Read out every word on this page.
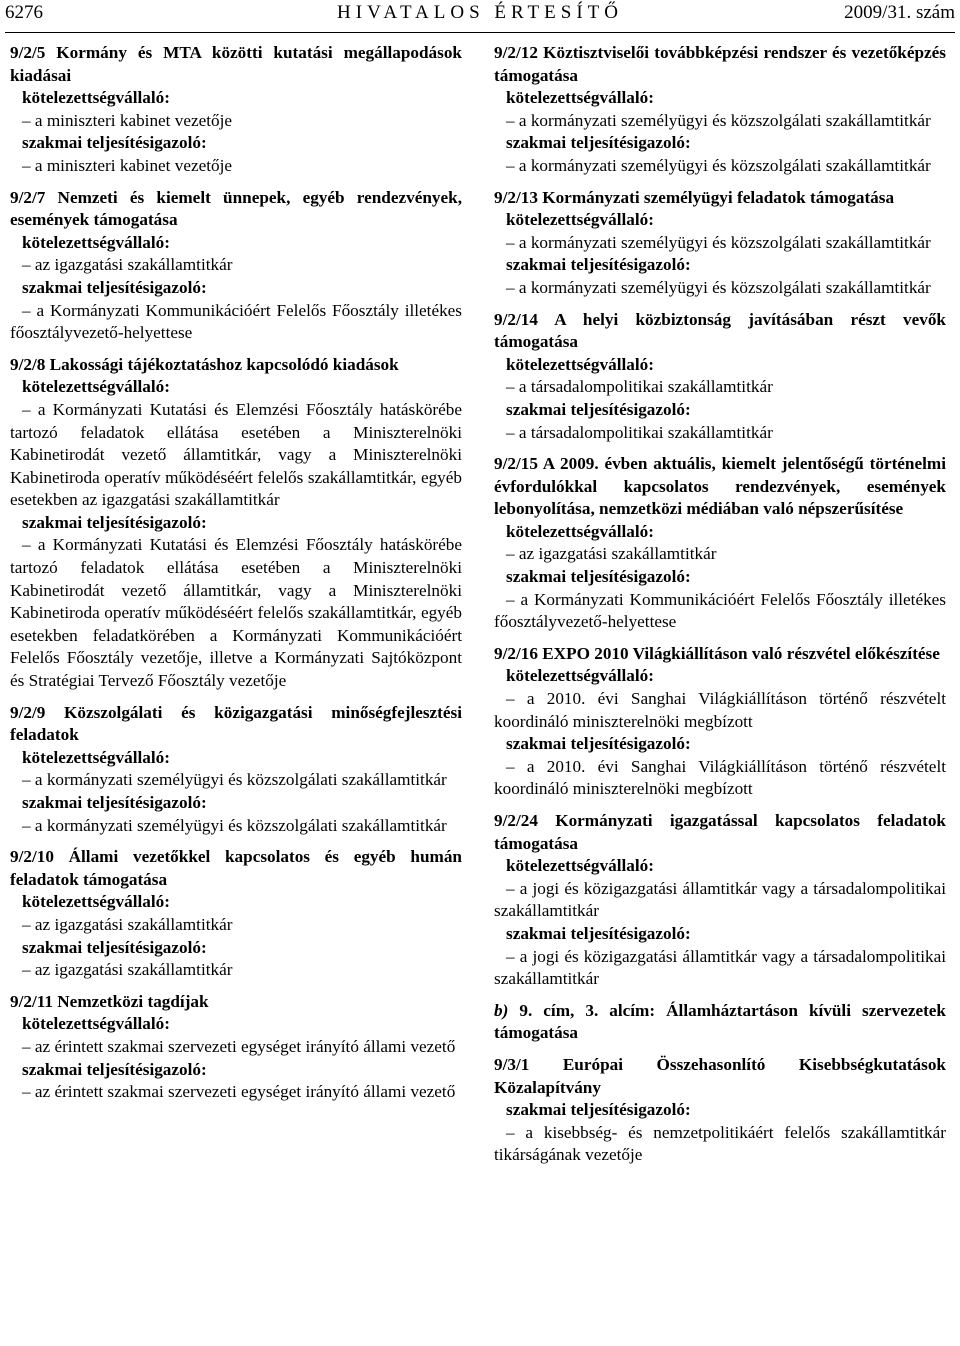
6276	HIVATALOS ÉRTESÍTŐ	2009/31. szám
9/2/5 Kormány és MTA közötti kutatási megállapodások kiadásai
kötelezettségvállaló:
– a miniszteri kabinet vezetője
szakmai teljesítésigazoló:
– a miniszteri kabinet vezetője
9/2/7 Nemzeti és kiemelt ünnepek, egyéb rendezvények, események támogatása
kötelezettségvállaló:
– az igazgatási szakállamtitkár
szakmai teljesítésigazoló:
– a Kormányzati Kommunikációért Felelős Főosztály illetékes főosztályvezető-helyettese
9/2/8 Lakossági tájékoztatáshoz kapcsolódó kiadások
kötelezettségvállaló:
– a Kormányzati Kutatási és Elemzési Főosztály hatáskörébe tartozó feladatok ellátása esetében a Miniszterelnöki Kabinetirodát vezető államtitkár, vagy a Miniszterelnöki Kabinetiroda operatív működéséért felelős szakállamtitkár, egyéb esetekben az igazgatási szakállamtitkár
szakmai teljesítésigazoló:
– a Kormányzati Kutatási és Elemzési Főosztály hatáskörébe tartozó feladatok ellátása esetében a Miniszterelnöki Kabinetirodát vezető államtitkár, vagy a Miniszterelnöki Kabinetiroda operatív működéséért felelős szakállamtitkár, egyéb esetekben feladatkörében a Kormányzati Kommunikációért Felelős Főosztály vezetője, illetve a Kormányzati Sajtóközpont és Stratégiai Tervező Főosztály vezetője
9/2/9 Közszolgálati és közigazgatási minőségfejlesztési feladatok
kötelezettségvállaló:
– a kormányzati személyügyi és közszolgálati szakállamtitkár
szakmai teljesítésigazoló:
– a kormányzati személyügyi és közszolgálati szakállamtitkár
9/2/10 Állami vezetőkkel kapcsolatos és egyéb humán feladatok támogatása
kötelezettségvállaló:
– az igazgatási szakállamtitkár
szakmai teljesítésigazoló:
– az igazgatási szakállamtitkár
9/2/11 Nemzetközi tagdíjak
kötelezettségvállaló:
– az érintett szakmai szervezeti egységet irányító állami vezető
szakmai teljesítésigazoló:
– az érintett szakmai szervezeti egységet irányító állami vezető
9/2/12 Köztisztviselői továbbképzési rendszer és vezetőképzés támogatása
kötelezettségvállaló:
– a kormányzati személyügyi és közszolgálati szakállamtitkár
szakmai teljesítésigazoló:
– a kormányzati személyügyi és közszolgálati szakállamtitkár
9/2/13 Kormányzati személyügyi feladatok támogatása
kötelezettségvállaló:
– a kormányzati személyügyi és közszolgálati szakállamtitkár
szakmai teljesítésigazoló:
– a kormányzati személyügyi és közszolgálati szakállamtitkár
9/2/14 A helyi közbiztonság javításában részt vevők támogatása
kötelezettségvállaló:
– a társadalompolitikai szakállamtitkár
szakmai teljesítésigazoló:
– a társadalompolitikai szakállamtitkár
9/2/15 A 2009. évben aktuális, kiemelt jelentőségű történelmi évfordulókkal kapcsolatos rendezvények, események lebonyolítása, nemzetközi médiában való népszerűsítése
kötelezettségvállaló:
– az igazgatási szakállamtitkár
szakmai teljesítésigazoló:
– a Kormányzati Kommunikációért Felelős Főosztály illetékes főosztályvezető-helyettese
9/2/16 EXPO 2010 Világkiállításon való részvétel előkészítése
kötelezettségvállaló:
– a 2010. évi Sanghai Világkiállításon történő részvételt koordináló miniszterelnöki megbízott
szakmai teljesítésigazoló:
– a 2010. évi Sanghai Világkiállításon történő részvételt koordináló miniszterelnöki megbízott
9/2/24 Kormányzati igazgatással kapcsolatos feladatok támogatása
kötelezettségvállaló:
– a jogi és közigazgatási államtitkár vagy a társadalompolitikai szakállamtitkár
szakmai teljesítésigazoló:
– a jogi és közigazgatási államtitkár vagy a társadalompolitikai szakállamtitkár
b) 9. cím, 3. alcím: Államháztartáson kívüli szervezetek támogatása
9/3/1 Európai Összehasonlító Kisebbségkutatások Közalapítvány
szakmai teljesítésigazoló:
– a kisebbség- és nemzetpolitikáért felelős szakállamtitkár tikárságának vezetője
